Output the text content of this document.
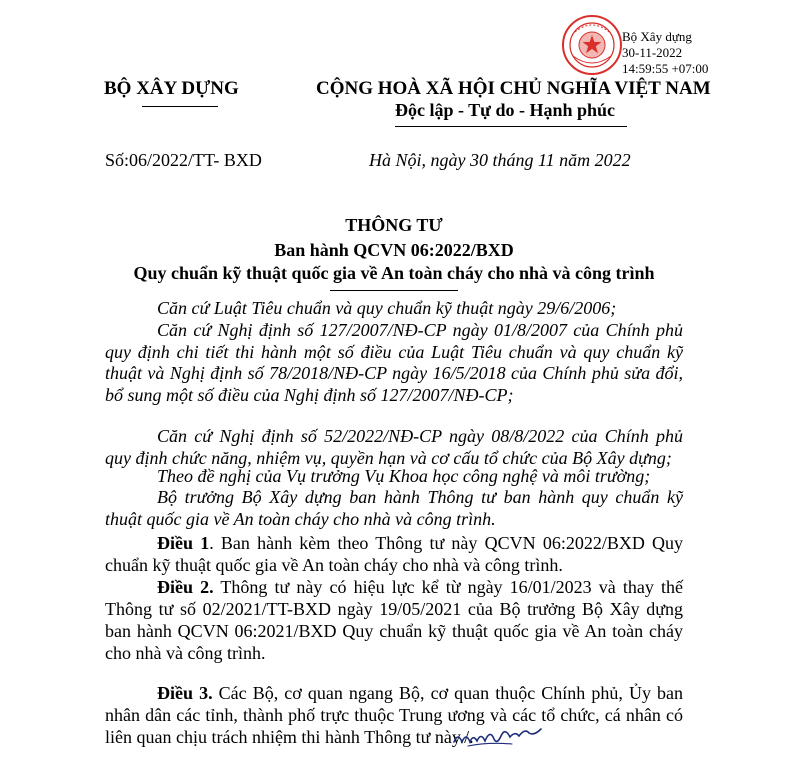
Bộ Xây dựng
30-11-2022
14:59:55 +07:00
BỘ XÂY DỰNG	CỘNG HOÀ XÃ HỘI CHỦ NGHĨA VIỆT NAM
Độc lập - Tự do - Hạnh phúc
Số:06/2022/TT- BXD	Hà Nội, ngày 30 tháng 11 năm 2022
THÔNG TƯ
Ban hành QCVN 06:2022/BXD
Quy chuẩn kỹ thuật quốc gia về An toàn cháy cho nhà và công trình
Căn cứ Luật Tiêu chuẩn và quy chuẩn kỹ thuật ngày 29/6/2006;
Căn cứ Nghị định số 127/2007/NĐ-CP ngày 01/8/2007 của Chính phủ quy định chi tiết thi hành một số điều của Luật Tiêu chuẩn và quy chuẩn kỹ thuật và Nghị định số 78/2018/NĐ-CP ngày 16/5/2018 của Chính phủ sửa đổi, bổ sung một số điều của Nghị định số 127/2007/NĐ-CP;
Căn cứ Nghị định số 52/2022/NĐ-CP ngày 08/8/2022 của Chính phủ quy định chức năng, nhiệm vụ, quyền hạn và cơ cấu tổ chức của Bộ Xây dựng;
Theo đề nghị của Vụ trưởng Vụ Khoa học công nghệ và môi trường;
Bộ trưởng Bộ Xây dựng ban hành Thông tư ban hành quy chuẩn kỹ thuật quốc gia về An toàn cháy cho nhà và công trình.
Điều 1. Ban hành kèm theo Thông tư này QCVN 06:2022/BXD Quy chuẩn kỹ thuật quốc gia về An toàn cháy cho nhà và công trình.
Điều 2. Thông tư này có hiệu lực kể từ ngày 16/01/2023 và thay thế Thông tư số 02/2021/TT-BXD ngày 19/05/2021 của Bộ trưởng Bộ Xây dựng ban hành QCVN 06:2021/BXD Quy chuẩn kỹ thuật quốc gia về An toàn cháy cho nhà và công trình.
Điều 3. Các Bộ, cơ quan ngang Bộ, cơ quan thuộc Chính phủ, Ủy ban nhân dân các tỉnh, thành phố trực thuộc Trung ương và các tổ chức, cá nhân có liên quan chịu trách nhiệm thi hành Thông tư này./.
